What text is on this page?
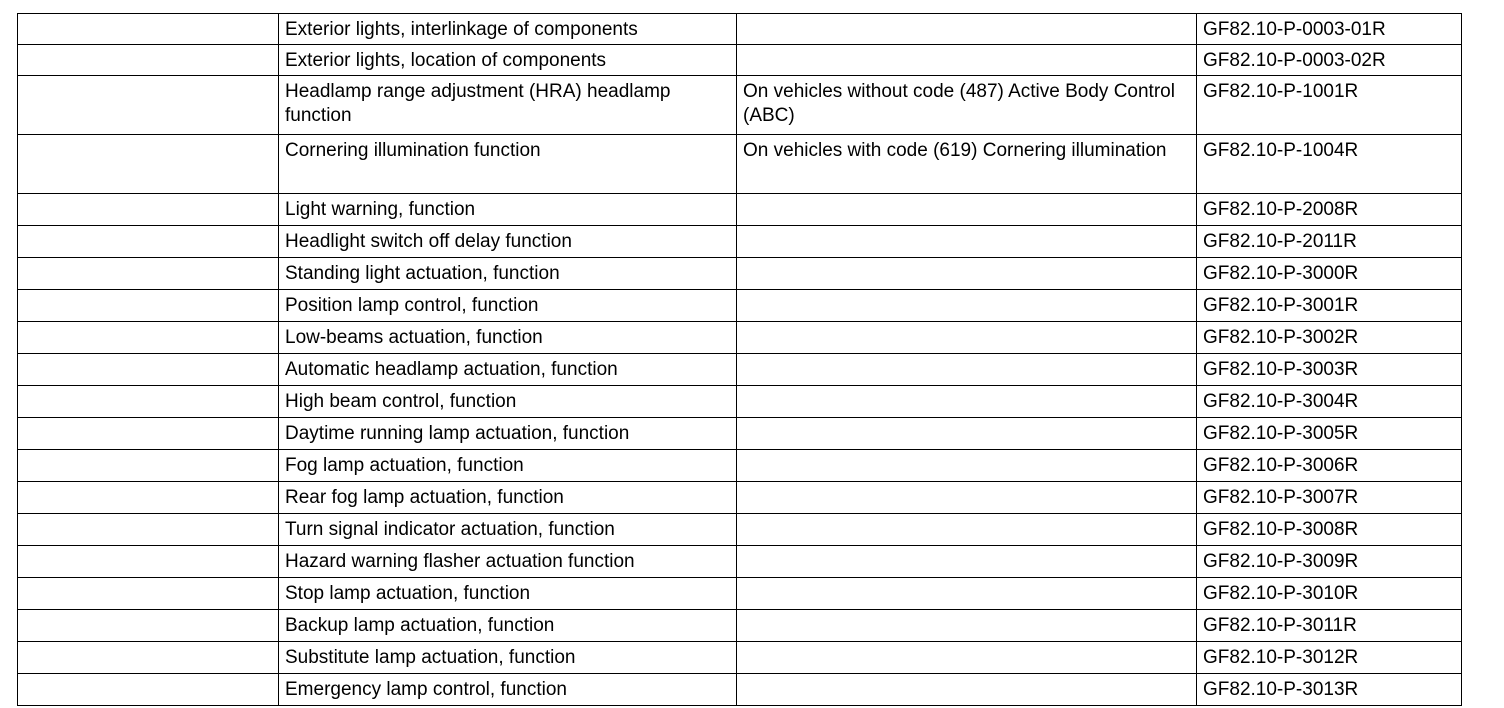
	Exterior lights, interlinkage of components		GF82.10-P-0003-01R

	Exterior lights, location of components		GF82.10-P-0003-02R

	Headlamp range adjustment (HRA) headlamp function	On vehicles without code (487) Active Body Control (ABC)	GF82.10-P-1001R

	Cornering illumination function	On vehicles with code (619) Cornering illumination	GF82.10-P-1004R

	Light warning, function		GF82.10-P-2008R

	Headlight switch off delay function		GF82.10-P-2011R

	Standing light actuation, function		GF82.10-P-3000R

	Position lamp control, function		GF82.10-P-3001R

	Low-beams actuation, function		GF82.10-P-3002R

	Automatic headlamp actuation, function		GF82.10-P-3003R

	High beam control, function		GF82.10-P-3004R

	Daytime running lamp actuation, function		GF82.10-P-3005R

	Fog lamp actuation, function		GF82.10-P-3006R

	Rear fog lamp actuation, function		GF82.10-P-3007R

	Turn signal indicator actuation, function		GF82.10-P-3008R

	Hazard warning flasher actuation function		GF82.10-P-3009R

	Stop lamp actuation, function		GF82.10-P-3010R

	Backup lamp actuation, function		GF82.10-P-3011R

	Substitute lamp actuation, function		GF82.10-P-3012R

	Emergency lamp control, function		GF82.10-P-3013R
